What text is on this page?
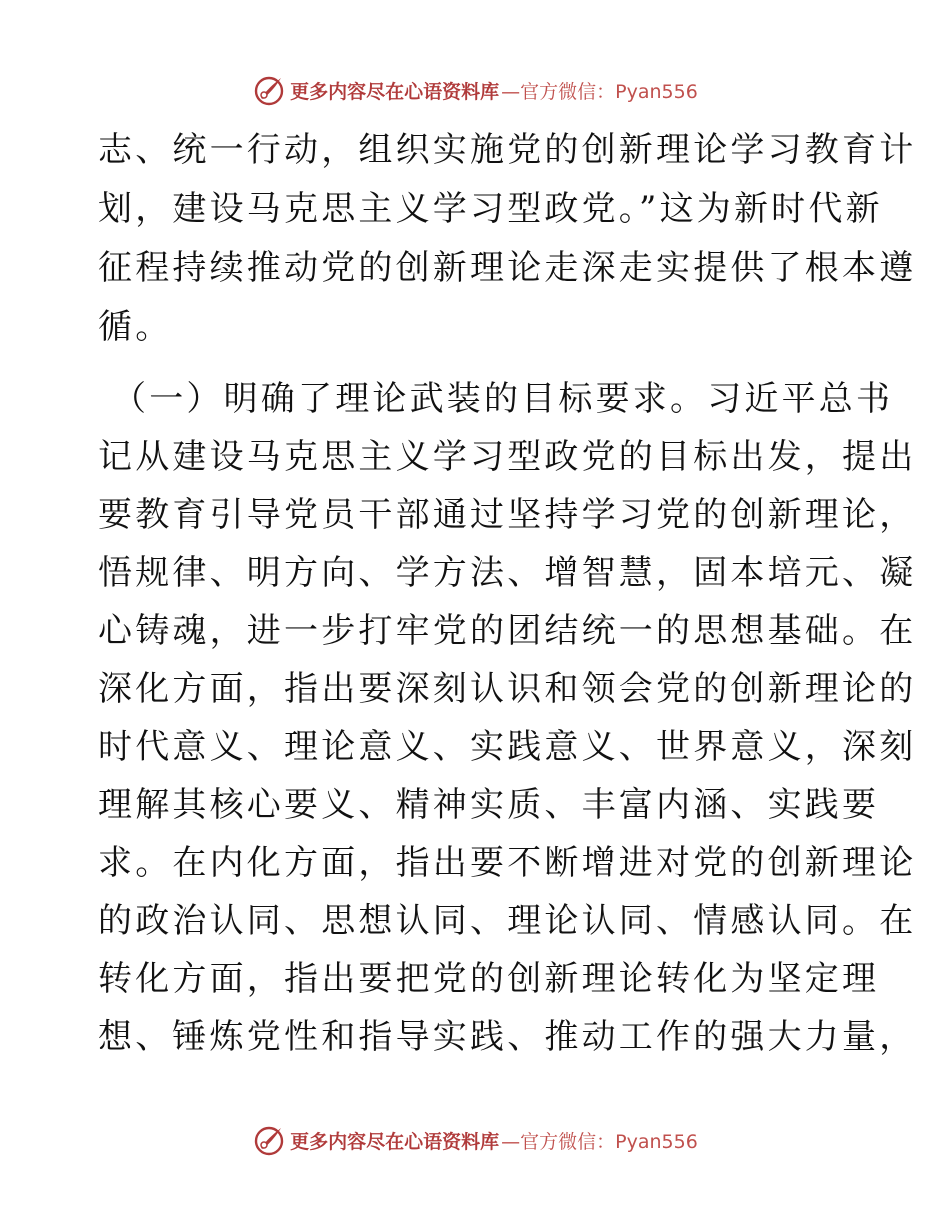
更多内容尽在心语资料库 —官方微信：Pyan556
志、统一行动，组织实施党的创新理论学习教育计
划，建设马克思主义学习型政党。”这为新时代新
征程持续推动党的创新理论走深走实提供了根本遵
循。
（一）明确了理论武装的目标要求。习近平总书
记从建设马克思主义学习型政党的目标出发，提出
要教育引导党员干部通过坚持学习党的创新理论，
悟规律、明方向、学方法、增智慧，固本培元、凝
心铸魂，进一步打牢党的团结统一的思想基础。在
深化方面，指出要深刻认识和领会党的创新理论的
时代意义、理论意义、实践意义、世界意义，深刻
理解其核心要义、精神实质、丰富内涵、实践要
求。在内化方面，指出要不断增进对党的创新理论
的政治认同、思想认同、理论认同、情感认同。在
转化方面，指出要把党的创新理论转化为坚定理
想、锤炼党性和指导实践、推动工作的强大力量，
更多内容尽在心语资料库 —官方微信：Pyan556
